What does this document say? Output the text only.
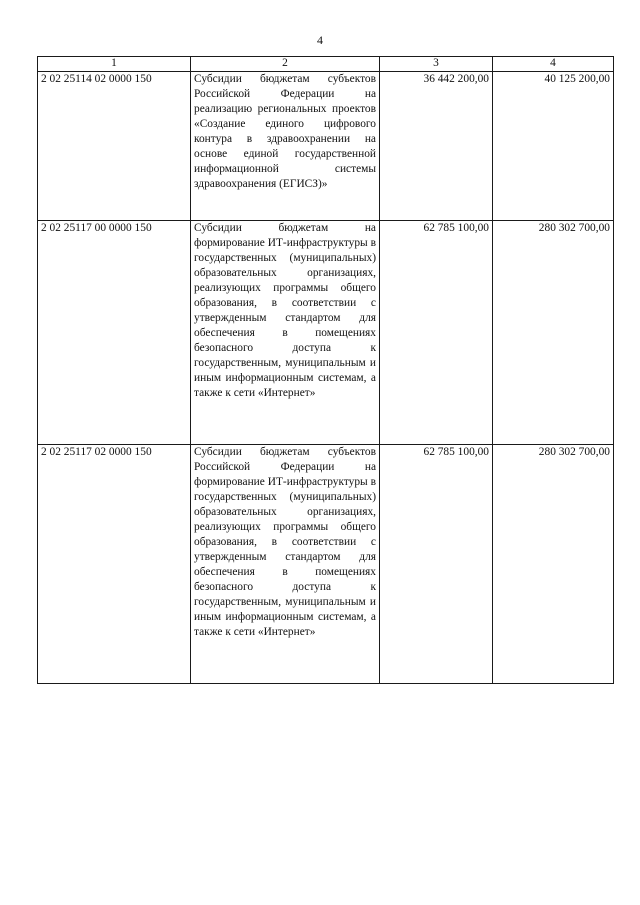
4
1	2	3	4
2 02 25114 02 0000 150	Субсидии бюджетам субъектов Российской Федерации на реализацию региональных проектов «Создание единого цифрового контура в здравоохранении на основе единой государственной информационной системы здравоохранения (ЕГИСЗ)»	36 442 200,00	40 125 200,00
2 02 25117 00 0000 150	Субсидии бюджетам на формирование ИТ-инфраструктуры в государственных (муниципальных) образовательных организациях, реализующих программы общего образования, в соответствии с утвержденным стандартом для обеспечения в помещениях безопасного доступа к государственным, муниципальным и иным информационным системам, а также к сети «Интернет»	62 785 100,00	280 302 700,00
2 02 25117 02 0000 150	Субсидии бюджетам субъектов Российской Федерации на формирование ИТ-инфраструктуры в государственных (муниципальных) образовательных организациях, реализующих программы общего образования, в соответствии с утвержденным стандартом для обеспечения в помещениях безопасного доступа к государственным, муниципальным и иным информационным системам, а также к сети «Интернет»	62 785 100,00	280 302 700,00
